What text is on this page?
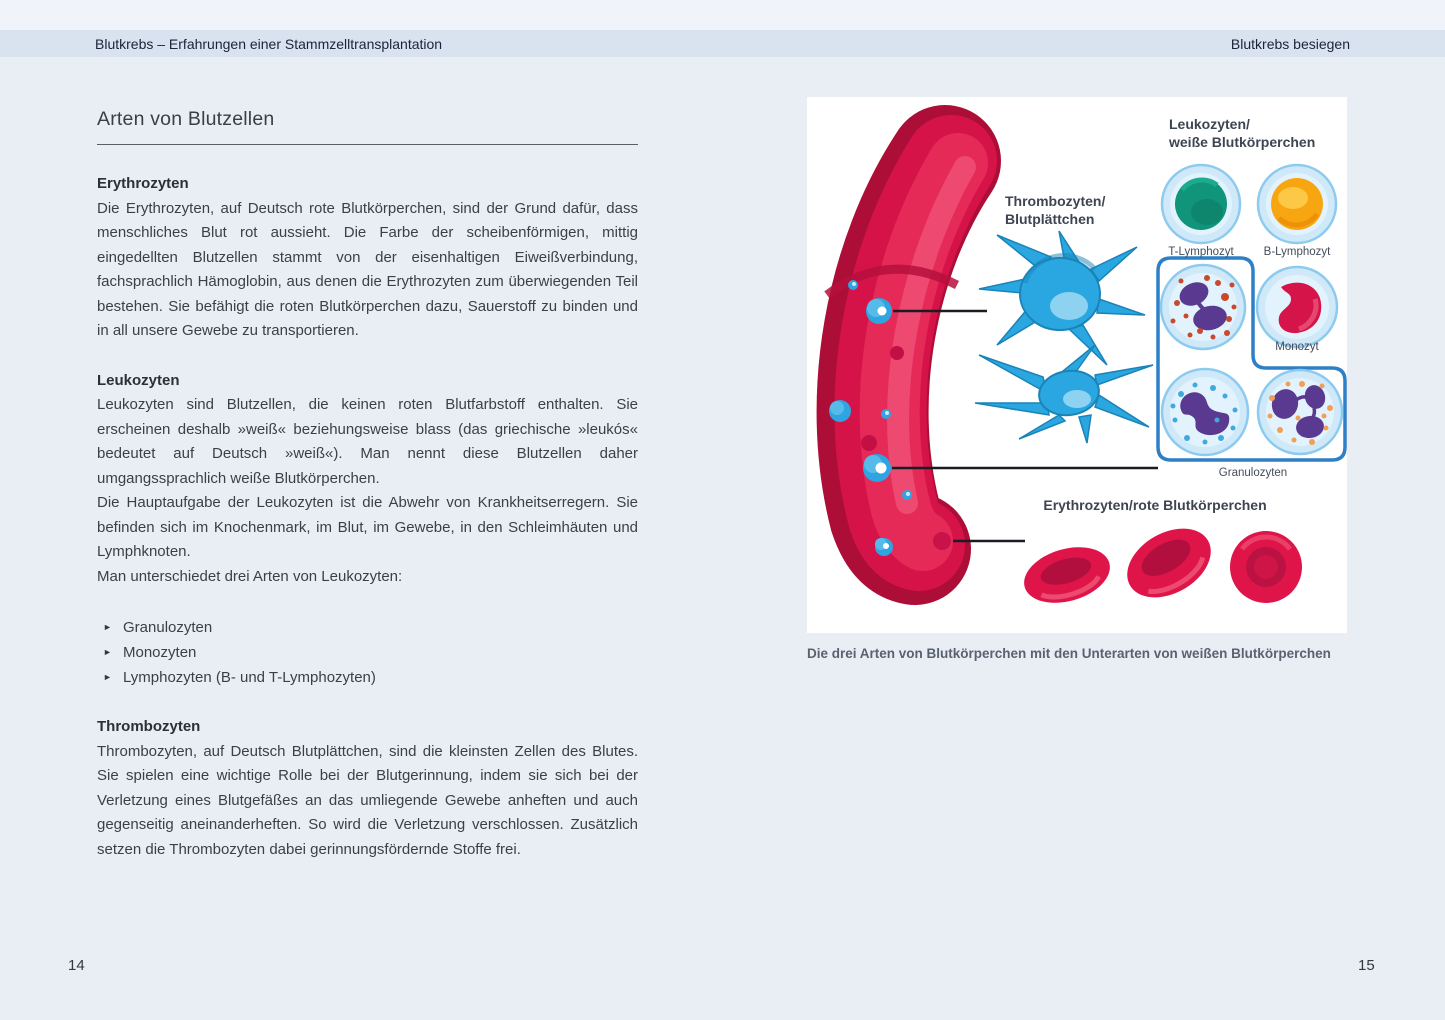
Blutkrebs – Erfahrungen einer Stammzelltransplantation	Blutkrebs besiegen
Arten von Blutzellen
Erythrozyten

Die Erythrozyten, auf Deutsch rote Blutkörperchen, sind der Grund dafür, dass menschliches Blut rot aussieht. Die Farbe der scheibenförmigen, mittig eingedellten Blutzellen stammt von der eisenhaltigen Eiweißverbindung, fachsprachlich Hämoglobin, aus denen die Erythrozyten zum überwiegenden Teil bestehen. Sie befähigt die roten Blutkörperchen dazu, Sauerstoff zu binden und in all unsere Gewebe zu transportieren.

Leukozyten

Leukozyten sind Blutzellen, die keinen roten Blutfarbstoff enthalten. Sie erscheinen deshalb »weiß« beziehungsweise blass (das griechische »leukós« bedeutet auf Deutsch »weiß«). Man nennt diese Blutzellen daher umgangssprachlich weiße Blutkörperchen.

Die Hauptaufgabe der Leukozyten ist die Abwehr von Krankheitserregern. Sie befinden sich im Knochenmark, im Blut, im Gewebe, in den Schleimhäuten und Lymphknoten.

Man unterschiedet drei Arten von Leukozyten:

► Granulozyten
► Monozyten
► Lymphozyten (B- und T-Lymphozyten)
Thrombozyten

Thrombozyten, auf Deutsch Blutplättchen, sind die kleinsten Zellen des Blutes. Sie spielen eine wichtige Rolle bei der Blutgerinnung, indem sie sich bei der Verletzung eines Blutgefäßes an das umliegende Gewebe anheften und auch gegenseitig aneinanderheften. So wird die Verletzung verschlossen. Zusätzlich setzen die Thrombozyten dabei gerinnungsfördernde Stoffe frei.

Leukozyten/
weiße Blutkörperchen
Thrombozyten/
Blutplättchen
T-Lymphozyt	B-Lymphozyt
Monozyt
Granulozyten
Erythrozyten/rote Blutkörperchen
Die drei Arten von Blutkörperchen mit den Unterarten von weißen Blutkörperchen
14	15
